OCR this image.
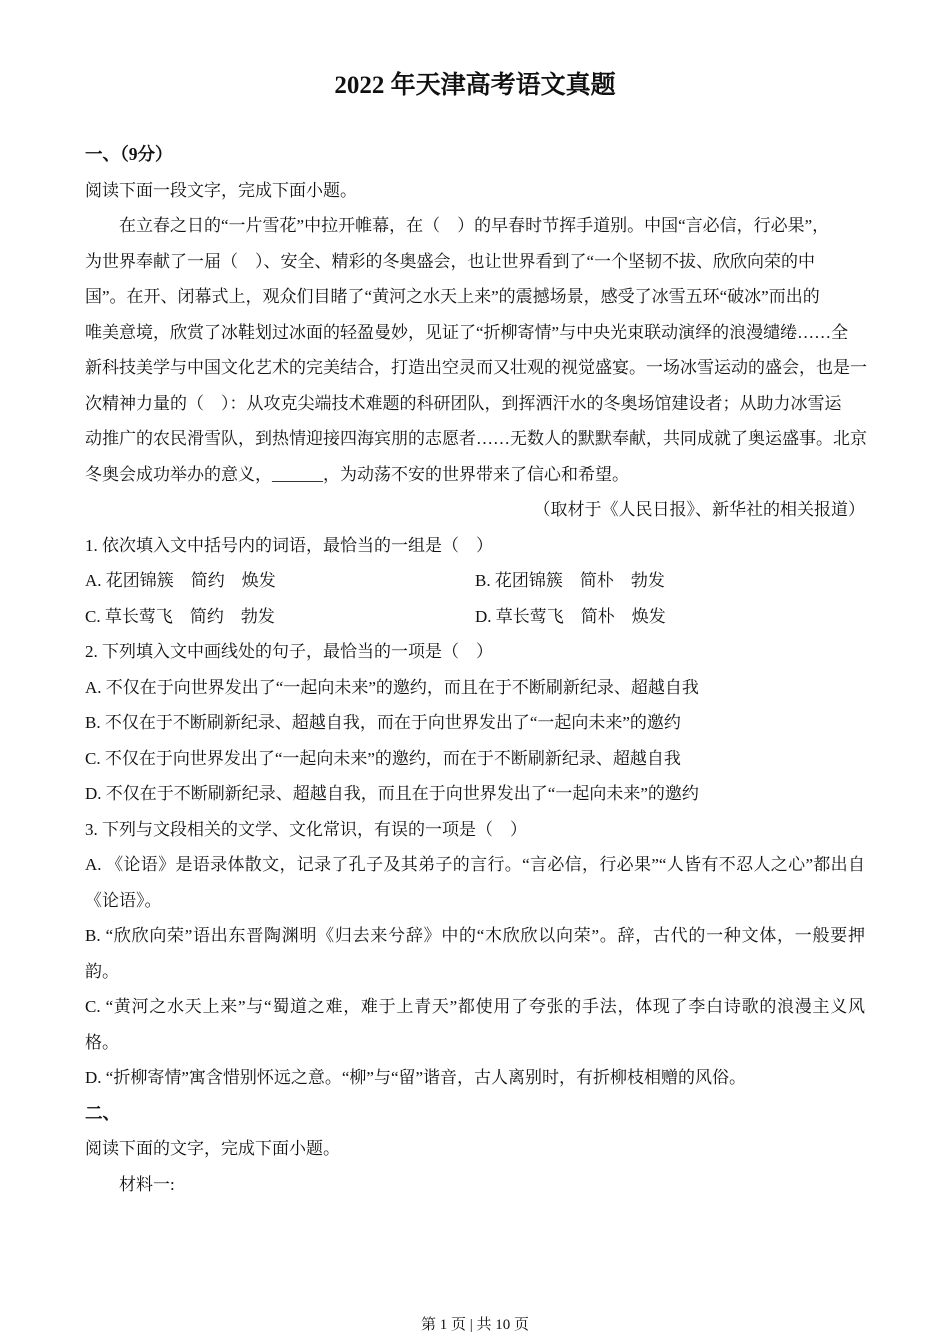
2022 年天津高考语文真题
一、（9分）
阅读下面一段文字，完成下面小题。
在立春之日的“一片雪花”中拉开帷幕，在（　）的早春时节挥手道别。中国“言必信，行必果”，
为世界奉献了一届（　）、安全、精彩的冬奥盛会，也让世界看到了“一个坚韧不拔、欣欣向荣的中
国”。在开、闭幕式上，观众们目睹了“黄河之水天上来”的震撼场景，感受了冰雪五环“破冰”而出的
唯美意境，欣赏了冰鞋划过冰面的轻盈曼妙，见证了“折柳寄情”与中央光束联动演绎的浪漫缱绻……全
新科技美学与中国文化艺术的完美结合，打造出空灵而又壮观的视觉盛宴。一场冰雪运动的盛会，也是一
次精神力量的（　）：从攻克尖端技术难题的科研团队，到挥洒汗水的冬奥场馆建设者；从助力冰雪运
动推广的农民滑雪队，到热情迎接四海宾朋的志愿者……无数人的默默奉献，共同成就了奥运盛事。北京
冬奥会成功举办的意义，______，为动荡不安的世界带来了信心和希望。
（取材于《人民日报》、新华社的相关报道）
1. 依次填入文中括号内的词语，最恰当的一组是（　）
A. 花团锦簇　简约　焕发	B. 花团锦簇　简朴　勃发
C. 草长莺飞　简约　勃发	D. 草长莺飞　简朴　焕发
2. 下列填入文中画线处的句子，最恰当的一项是（　）
A. 不仅在于向世界发出了“一起向未来”的邀约，而且在于不断刷新纪录、超越自我
B. 不仅在于不断刷新纪录、超越自我，而在于向世界发出了“一起向未来”的邀约
C. 不仅在于向世界发出了“一起向未来”的邀约，而在于不断刷新纪录、超越自我
D. 不仅在于不断刷新纪录、超越自我，而且在于向世界发出了“一起向未来”的邀约
3. 下列与文段相关的文学、文化常识，有误的一项是（　）
A. 《论语》是语录体散文，记录了孔子及其弟子的言行。“言必信，行必果”“人皆有不忍人之心”都出自《论语》。
B. “欣欣向荣”语出东晋陶渊明《归去来兮辞》中的“木欣欣以向荣”。辞，古代的一种文体，一般要押韵。
C. “黄河之水天上来”与“蜀道之难，难于上青天”都使用了夸张的手法，体现了李白诗歌的浪漫主义风格。
D. “折柳寄情”寓含惜别怀远之意。“柳”与“留”谐音，古人离别时，有折柳枝相赠的风俗。
二、
阅读下面的文字，完成下面小题。
材料一:
第 1 页 | 共 10 页
